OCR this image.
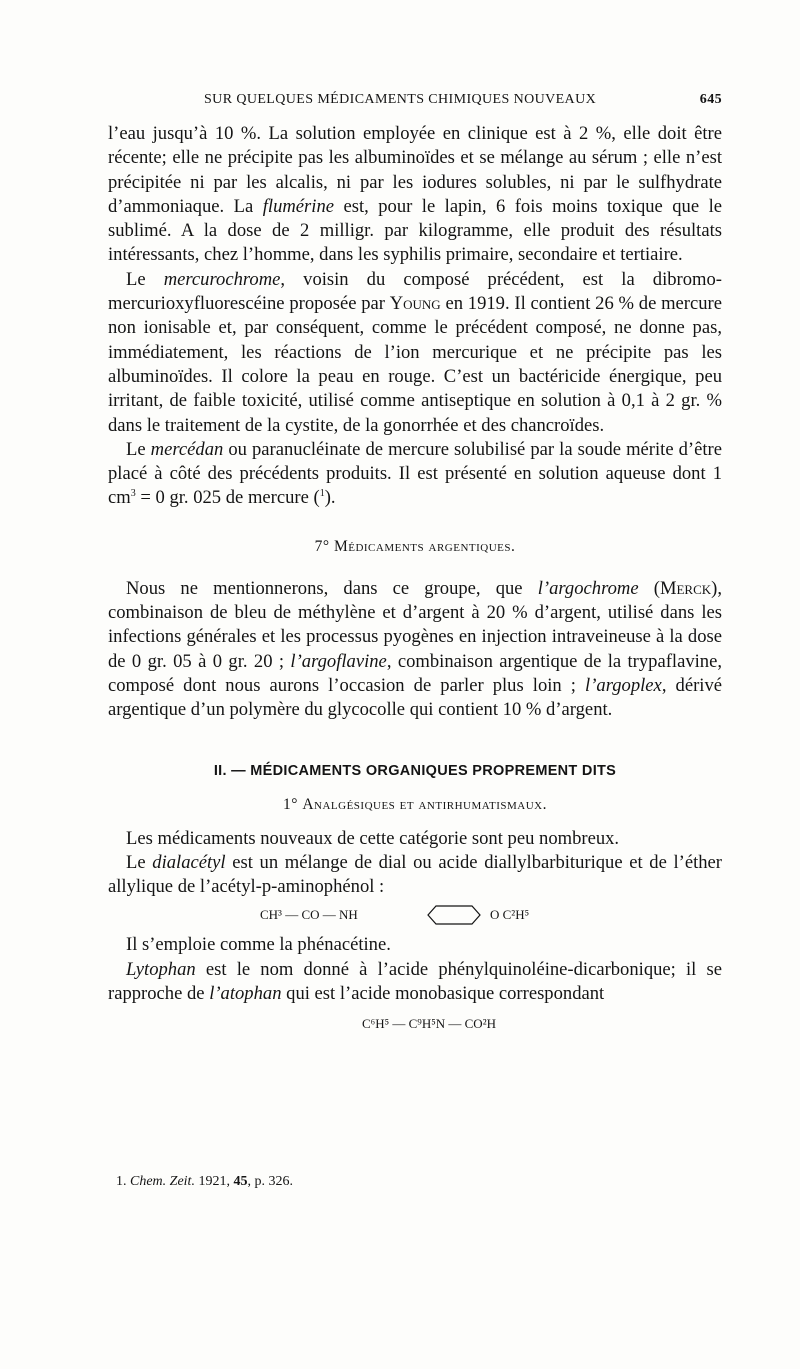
SUR QUELQUES MÉDICAMENTS CHIMIQUES NOUVEAUX	645

l’eau jusqu’à 10 %. La solution employée en clinique est à 2 %, elle doit être récente; elle ne précipite pas les albuminoïdes et se mélange au sérum ; elle n’est précipitée ni par les alcalis, ni par les iodures solubles, ni par le sulfhydrate d’ammoniaque. La flumérine est, pour le lapin, 6 fois moins toxique que le sublimé. A la dose de 2 milligr. par kilogramme, elle produit des résultats intéressants, chez l’homme, dans les syphilis primaire, secondaire et tertiaire.

Le mercurochrome, voisin du composé précédent, est la dibromo-mercurioxyfluorescéine proposée par Young en 1919. Il contient 26 % de mercure non ionisable et, par conséquent, comme le précédent composé, ne donne pas, immédiatement, les réactions de l’ion mercurique et ne précipite pas les albuminoïdes. Il colore la peau en rouge. C’est un bactéricide énergique, peu irritant, de faible toxicité, utilisé comme antiseptique en solution à 0,1 à 2 gr. % dans le traitement de la cystite, de la gonorrhée et des chancroïdes.

Le mercédan ou paranucléinate de mercure solubilisé par la soude mérite d’être placé à côté des précédents produits. Il est présenté en solution aqueuse dont 1 $cm^3 = 0$ gr. 025 de mercure ($^1$).

7° Médicaments argentiques.

Nous ne mentionnerons, dans ce groupe, que l’argochrome (Merck), combinaison de bleu de méthylène et d’argent à 20 % d’argent, utilisé dans les infections générales et les processus pyogènes en injection intraveineuse à la dose de 0 gr. 05 à 0 gr. 20 ; l’argoflavine, combinaison argentique de la trypaflavine, composé dont nous aurons l’occasion de parler plus loin ; l’argoplex, dérivé argentique d’un polymère du glycocolle qui contient 10 % d’argent.

II. — MÉDICAMENTS ORGANIQUES PROPREMENT DITS

1° Analgésiques et antirhumatismaux.

Les médicaments nouveaux de cette catégorie sont peu nombreux.

Le dialacétyl est un mélange de dial ou acide diallylbarbiturique et de l’éther allylique de l’acétyl-p-aminophénol :

CH³ — CO — NH	O C²H⁵

Il s’emploie comme la phénacétine.

Lytophan est le nom donné à l’acide phénylquinoléine-dicarbonique; il se rapproche de l’atophan qui est l’acide monobasique correspondant

C⁶H⁵ — C⁹H⁵N — CO²H

1. Chem. Zeit. 1921, 45, p. 326.
